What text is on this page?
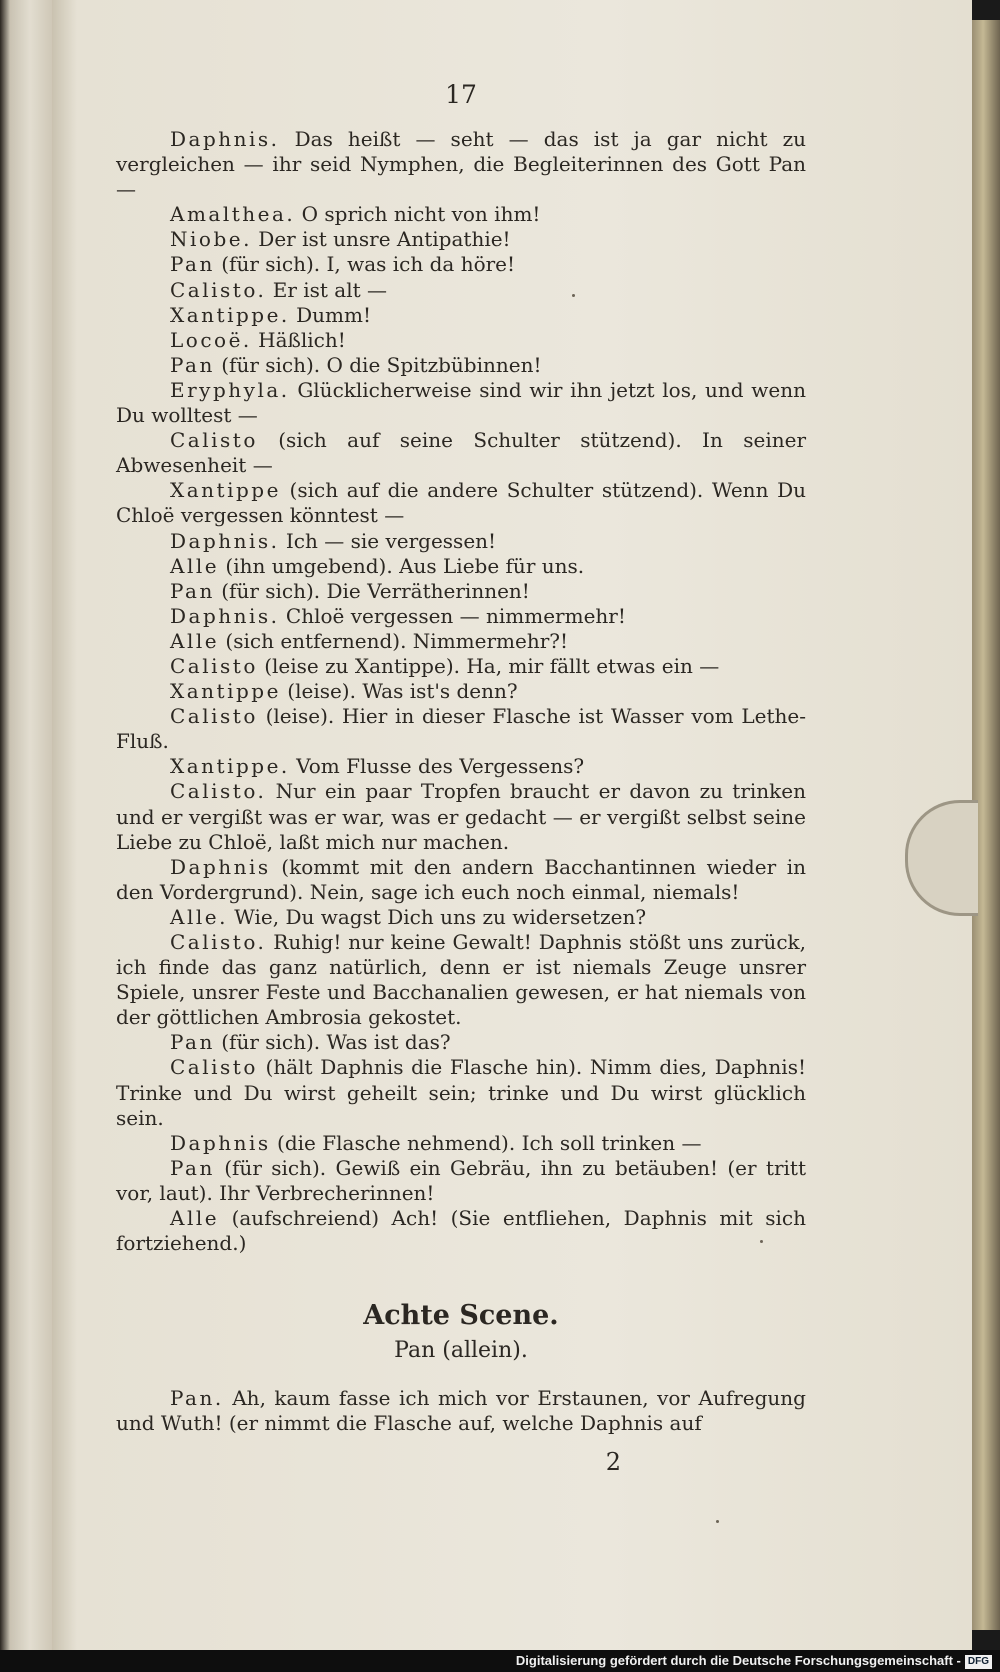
17

Daphnis. Das heißt — seht — das ist ja gar nicht zu vergleichen — ihr seid Nymphen, die Begleiterinnen des Gott Pan —

Amalthea. O sprich nicht von ihm!

Niobe. Der ist unsre Antipathie!

Pan (für sich). I, was ich da höre!

Calisto. Er ist alt —

Xantippe. Dumm!

Locoë. Häßlich!

Pan (für sich). O die Spitzbübinnen!

Eryphyla. Glücklicherweise sind wir ihn jetzt los, und wenn Du wolltest —

Calisto (sich auf seine Schulter stützend). In seiner Abwesenheit —

Xantippe (sich auf die andere Schulter stützend). Wenn Du Chloë vergessen könntest —

Daphnis. Ich — sie vergessen!

Alle (ihn umgebend). Aus Liebe für uns.

Pan (für sich). Die Verrätherinnen!

Daphnis. Chloë vergessen — nimmermehr!

Alle (sich entfernend). Nimmermehr?!

Calisto (leise zu Xantippe). Ha, mir fällt etwas ein —

Xantippe (leise). Was ist's denn?

Calisto (leise). Hier in dieser Flasche ist Wasser vom Lethe-Fluß.

Xantippe. Vom Flusse des Vergessens?

Calisto. Nur ein paar Tropfen braucht er davon zu trinken und er vergißt was er war, was er gedacht — er vergißt selbst seine Liebe zu Chloë, laßt mich nur machen.

Daphnis (kommt mit den andern Bacchantinnen wieder in den Vordergrund). Nein, sage ich euch noch einmal, niemals!

Alle. Wie, Du wagst Dich uns zu widersetzen?

Calisto. Ruhig! nur keine Gewalt! Daphnis stößt uns zurück, ich finde das ganz natürlich, denn er ist niemals Zeuge unsrer Spiele, unsrer Feste und Bacchanalien gewesen, er hat niemals von der göttlichen Ambrosia gekostet.

Pan (für sich). Was ist das?

Calisto (hält Daphnis die Flasche hin). Nimm dies, Daphnis! Trinke und Du wirst geheilt sein; trinke und Du wirst glücklich sein.

Daphnis (die Flasche nehmend). Ich soll trinken —

Pan (für sich). Gewiß ein Gebräu, ihn zu betäuben! (er tritt vor, laut). Ihr Verbrecherinnen!

Alle (aufschreiend) Ach! (Sie entfliehen, Daphnis mit sich fortziehend.)

Achte Scene.
Pan (allein).

Pan. Ah, kaum fasse ich mich vor Erstaunen, vor Aufregung und Wuth! (er nimmt die Flasche auf, welche Daphnis auf

2
Digitalisierung gefördert durch die Deutsche Forschungsgemeinschaft - DFG
